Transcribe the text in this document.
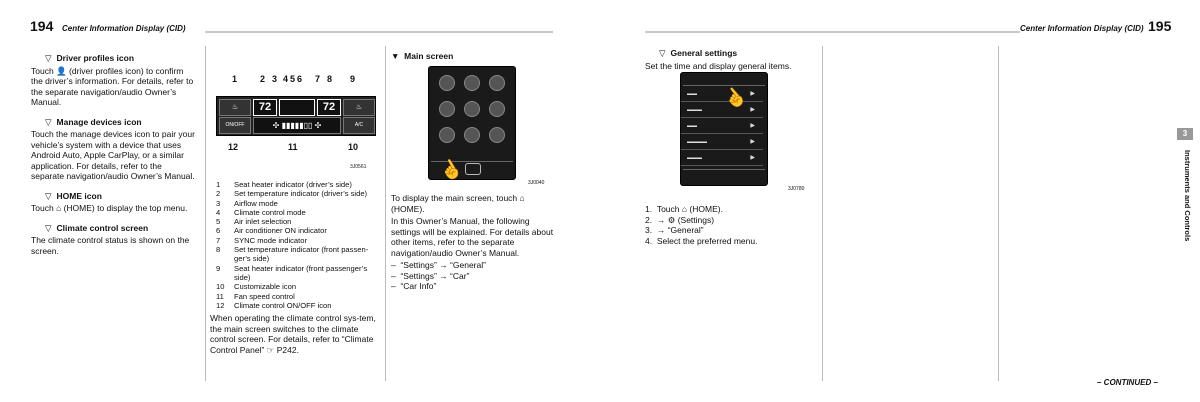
194 Center Information Display (CID)	Center Information Display (CID) 195
▽ Driver profiles icon
Touch 👤 (driver profiles icon) to confirm the driver’s information. For details, refer to the separate navigation/audio Owner’s Manual.
▽ Manage devices icon
Touch the manage devices icon to pair your vehicle’s system with a device that uses Android Auto, Apple CarPlay, or a similar application. For details, refer to the separate navigation/audio Owner’s Manual.
▽ HOME icon
Touch ⌂ (HOME) to display the top menu.
▽ Climate control screen
The climate control status is shown on the screen.
1	2 3 4 5 6 7 8 9
♨	72	72	♨
ON/OFF	✣ ▮▮▮▮▮▯▯ ✣	A/C
12	11	10
3J0561
1	Seat heater indicator (driver’s side)
2	Set temperature indicator (driver’s side)
3	Airflow mode
4	Climate control mode
5	Air inlet selection
6	Air conditioner ON indicator
7	SYNC mode indicator
8	Set temperature indicator (front passen-ger’s side)
9	Seat heater indicator (front passenger’s side)
10	Customizable icon
11	Fan speed control
12	Climate control ON/OFF icon
When operating the climate control sys-tem, the main screen switches to the climate control screen. For details, refer to “Climate Control Panel” ☞ P242.
▼ Main screen
☝	3J0040
To display the main screen, touch ⌂ (HOME).
In this Owner’s Manual, the following settings will be explained. For details about other items, refer to the separate navigation/audio Owner’s Manual.
–  “Settings” → “General”
–  “Settings” → “Car”
–  “Car Info”
▽ General settings
Set the time and display general items.
▬▬	▶
▬▬▬	▶
▬▬	▶
▬▬▬▬	▶
▬▬▬	▶
☝
3J0780
1. Touch ⌂ (HOME).
2. → ⚙ (Settings)
3. → “General”
4. Select the preferred menu.
3
Instruments and Controls
– CONTINUED –
